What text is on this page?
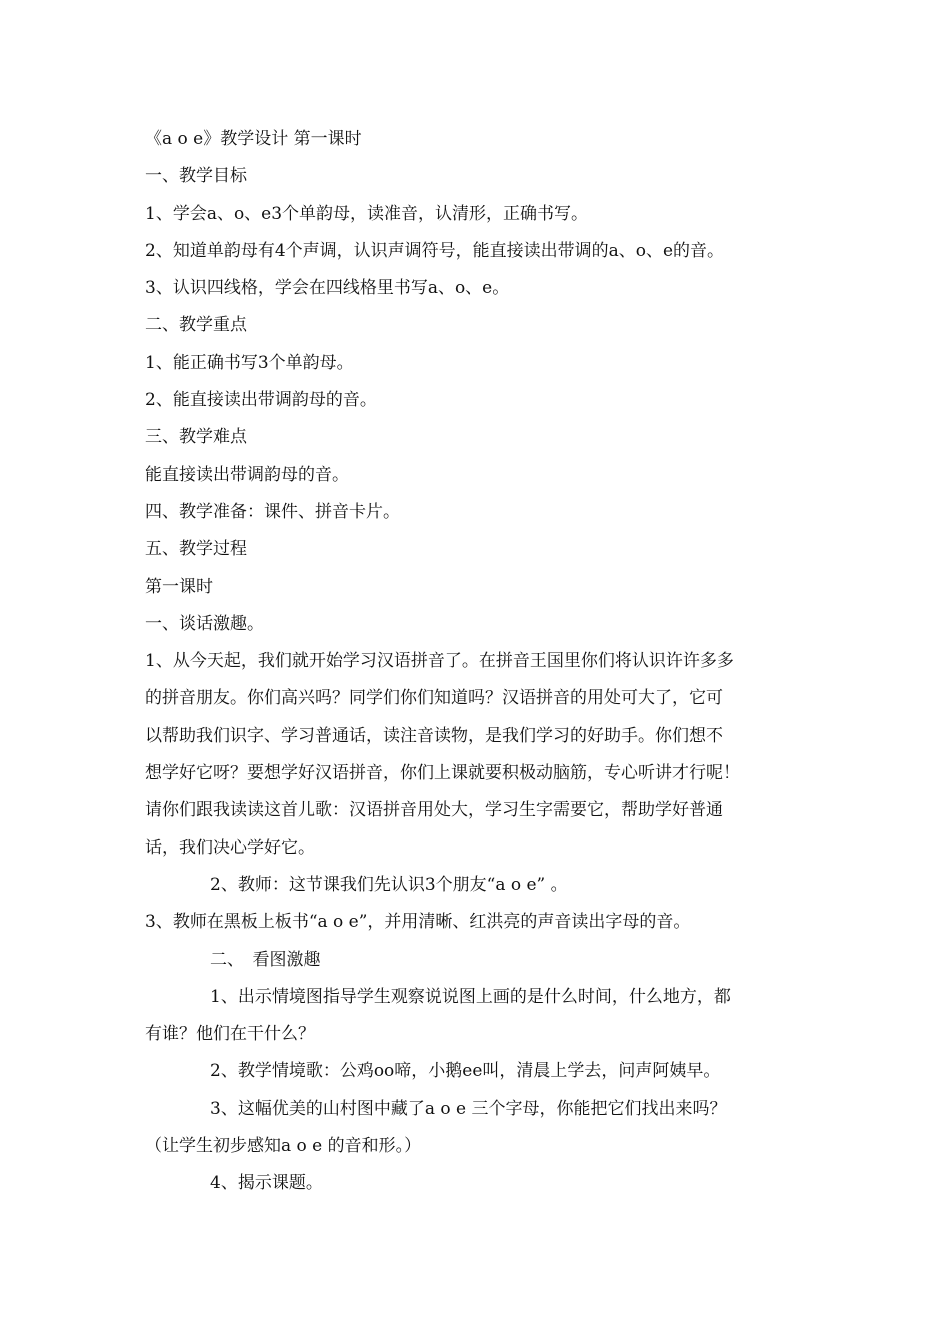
《a o e》教学设计 第一课时
一、教学目标
1、学会a、o、e3个单韵母，读准音，认清形，正确书写。
2、知道单韵母有4个声调，认识声调符号，能直接读出带调的a、o、e的音。
3、认识四线格，学会在四线格里书写a、o、e。
二、教学重点
1、能正确书写3个单韵母。
2、能直接读出带调韵母的音。
三、教学难点
能直接读出带调韵母的音。
四、教学准备：课件、拼音卡片。
五、教学过程
第一课时
一、谈话激趣。
1、从今天起，我们就开始学习汉语拼音了。在拼音王国里你们将认识许许多多
的拼音朋友。你们高兴吗？同学们你们知道吗？汉语拼音的用处可大了，它可
以帮助我们识字、学习普通话，读注音读物，是我们学习的好助手。你们想不
想学好它呀？要想学好汉语拼音，你们上课就要积极动脑筋，专心听讲才行呢！
请你们跟我读读这首儿歌：汉语拼音用处大，学习生字需要它，帮助学好普通
话，我们决心学好它。
2、教师：这节课我们先认识3个朋友“a o e” 。
3、教师在黑板上板书“a o e”，并用清晰、红洪亮的声音读出字母的音。
二、　看图激趣
1、出示情境图指导学生观察说说图上画的是什么时间，什么地方，都
有谁？他们在干什么？
2、教学情境歌：公鸡oo啼，小鹅ee叫，清晨上学去，问声阿姨早。
3、这幅优美的山村图中藏了a o e 三个字母，你能把它们找出来吗？
（让学生初步感知a o e 的音和形。）
4、揭示课题。
